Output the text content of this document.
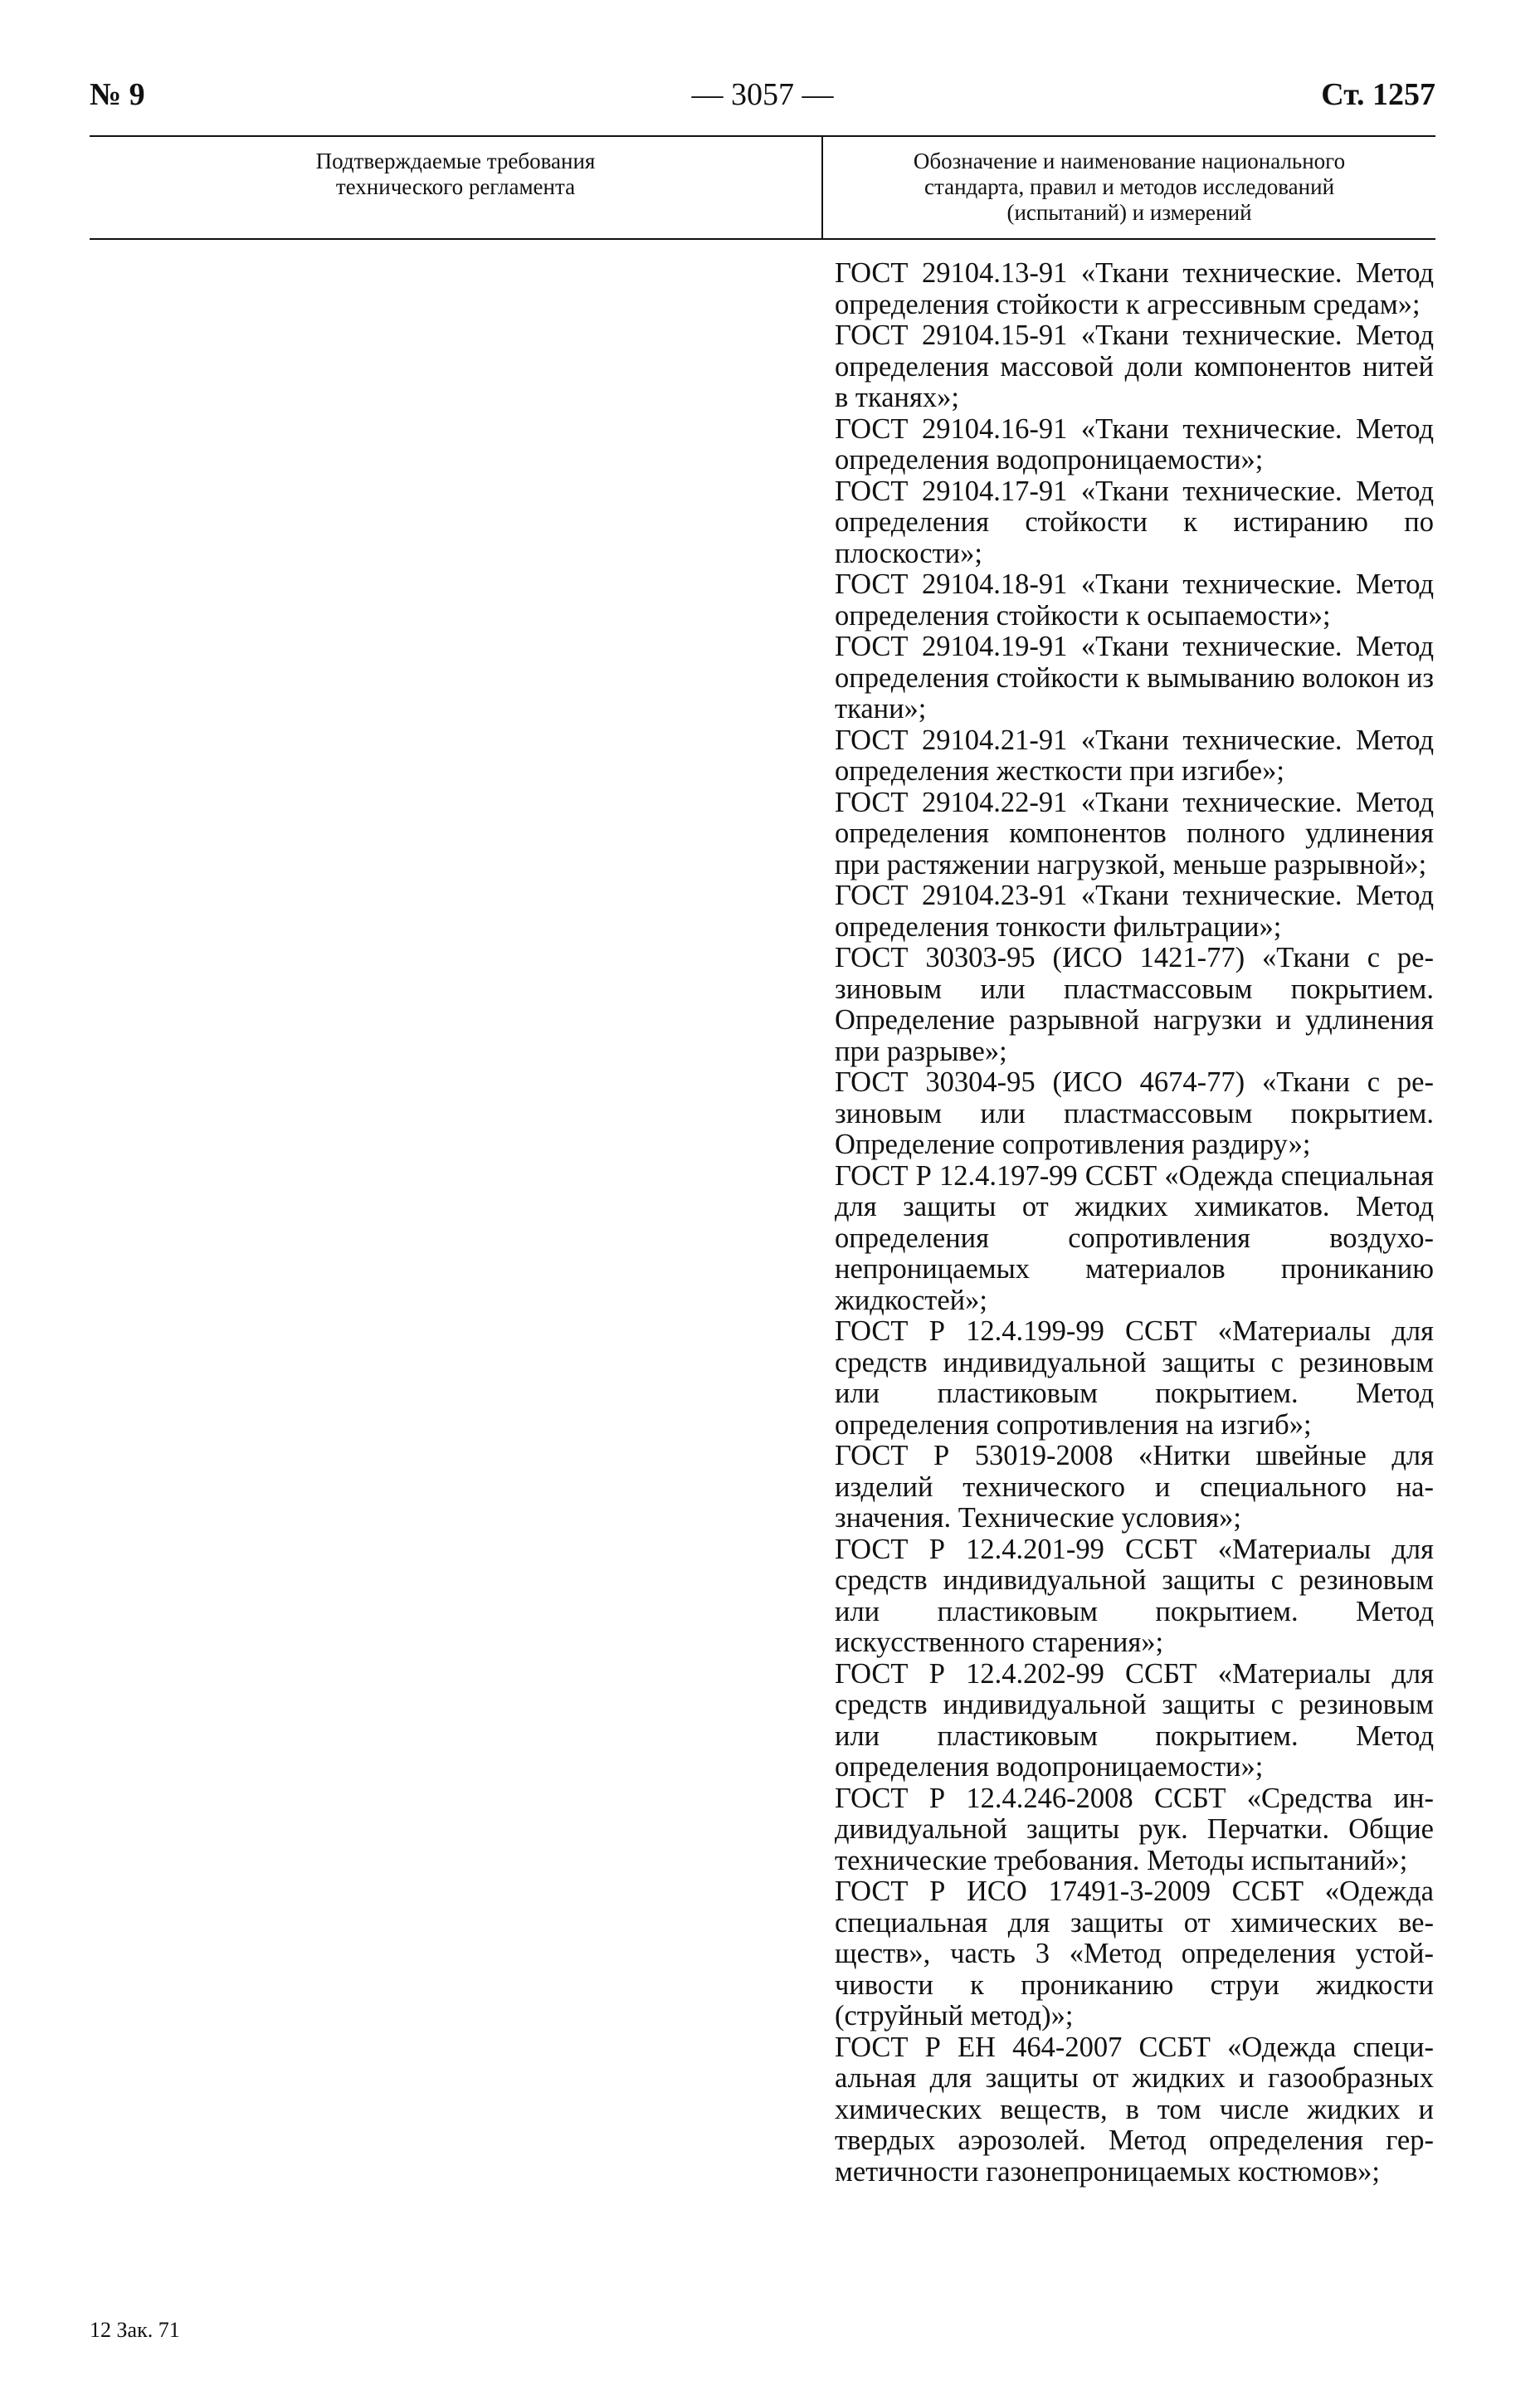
№ 9	— 3057 —	Ст. 1257
Подтверждаемые требования
технического регламента
Обозначение и наименование национального
стандарта, правил и методов исследований
(испытаний) и измерений

ГОСТ 29104.13-91 «Ткани технические. Метод определения стойкости к агрессивным средам»;

ГОСТ 29104.15-91 «Ткани технические. Метод определения массовой доли компонентов нитей в тканях»;

ГОСТ 29104.16-91 «Ткани технические. Метод определения водопроницаемости»;

ГОСТ 29104.17-91 «Ткани технические. Метод определения стойкости к истиранию по плоскости»;

ГОСТ 29104.18-91 «Ткани технические. Метод определения стойкости к осыпаемости»;

ГОСТ 29104.19-91 «Ткани технические. Метод определения стойкости к вымыванию волокон из ткани»;

ГОСТ 29104.21-91 «Ткани технические. Метод определения жесткости при изгибе»;

ГОСТ 29104.22-91 «Ткани технические. Метод определения компонентов полного удлинения при растяжении нагрузкой, меньше разрывной»;

ГОСТ 29104.23-91 «Ткани технические. Метод определения тонкости фильтрации»;

ГОСТ 30303-95 (ИСО 1421-77) «Ткани с резиновым или пластмассовым покрытием. Определение разрывной нагрузки и удлинения при разрыве»;

ГОСТ 30304-95 (ИСО 4674-77) «Ткани с резиновым или пластмассовым покрытием. Определение сопротивления раздиру»;

ГОСТ Р 12.4.197-99 ССБТ «Одежда специальная для защиты от жидких химикатов. Метод определения сопротивления воздухонепроницаемых материалов прониканию жидкостей»;

ГОСТ Р 12.4.199-99 ССБТ «Материалы для средств индивидуальной защиты с резиновым или пластиковым покрытием. Метод определения сопротивления на изгиб»;

ГОСТ Р 53019-2008 «Нитки швейные для изделий технического и специального назначения. Технические условия»;

ГОСТ Р 12.4.201-99 ССБТ «Материалы для средств индивидуальной защиты с резиновым или пластиковым покрытием. Метод искусственного старения»;

ГОСТ Р 12.4.202-99 ССБТ «Материалы для средств индивидуальной защиты с резиновым или пластиковым покрытием. Метод определения водопроницаемости»;

ГОСТ Р 12.4.246-2008 ССБТ «Средства индивидуальной защиты рук. Перчатки. Общие технические требования. Методы испытаний»;

ГОСТ Р ИСО 17491-3-2009 ССБТ «Одежда специальная для защиты от химических веществ», часть 3 «Метод определения устойчивости к прониканию струи жидкости (струйный метод)»;

ГОСТ Р ЕН 464-2007 ССБТ «Одежда специальная для защиты от жидких и газообразных химических веществ, в том числе жидких и твердых аэрозолей. Метод определения герметичности газонепроницаемых костюмов»;

12 Зак. 71
